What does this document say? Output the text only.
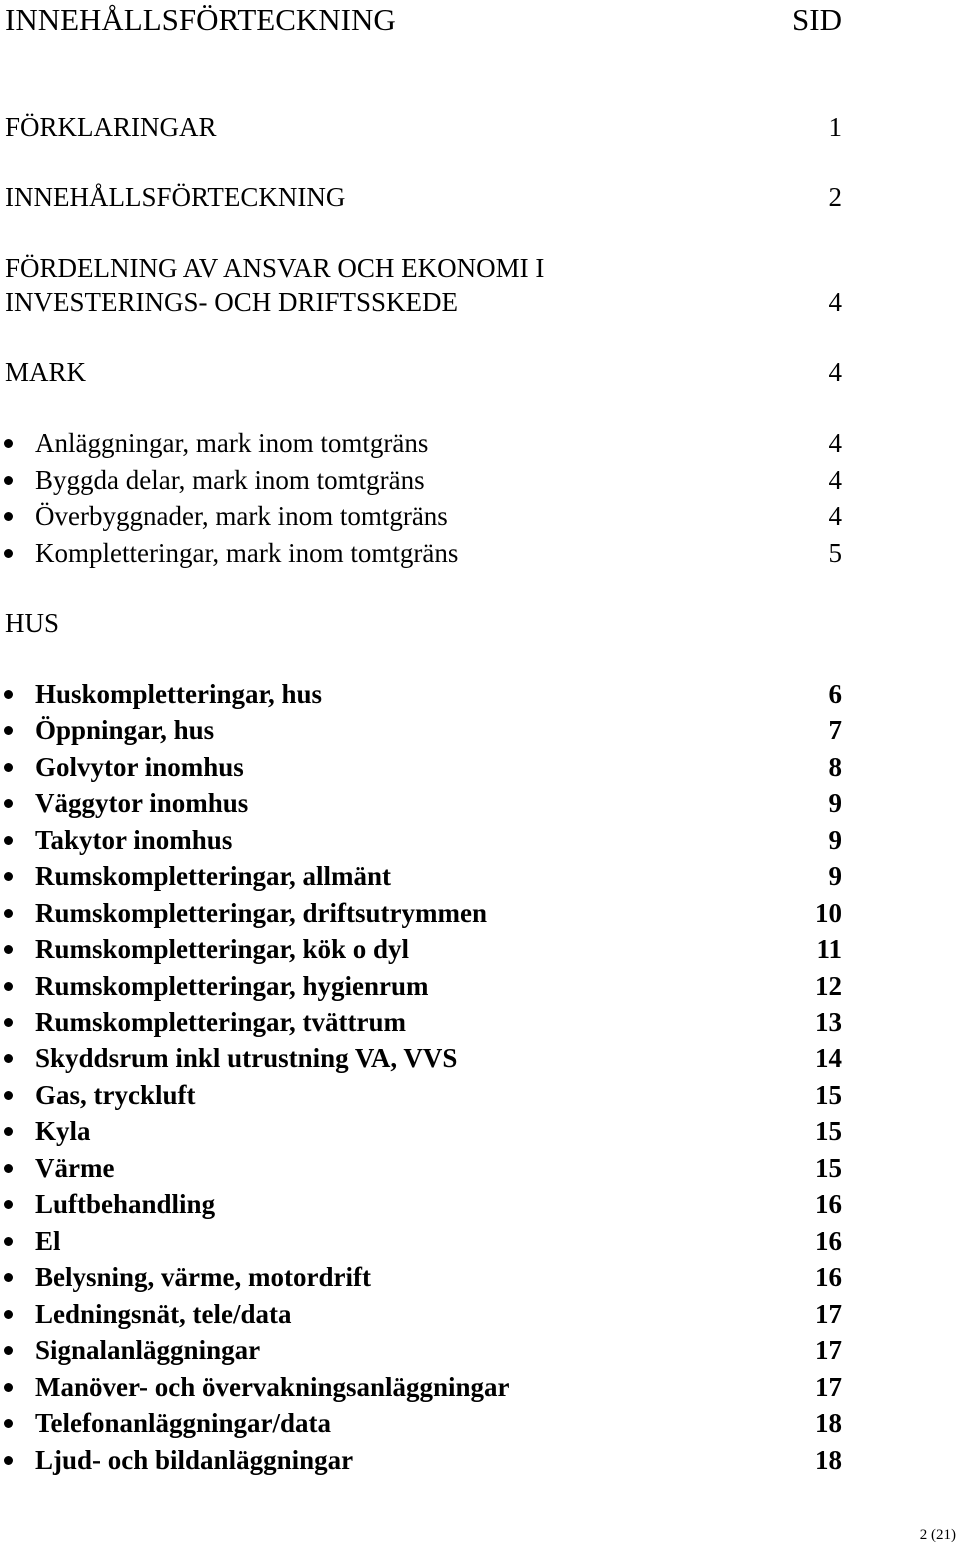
INNEHÅLLSFÖRTECKNING	SID
FÖRKLARINGAR	1
INNEHÅLLSFÖRTECKNING	2
FÖRDELNING AV ANSVAR OCH EKONOMI I
INVESTERINGS- OCH DRIFTSSKEDE	4
MARK	4
Anläggningar, mark inom tomtgräns	4
Byggda delar, mark inom tomtgräns	4
Överbyggnader, mark inom tomtgräns	4
Kompletteringar, mark inom tomtgräns	5
HUS
Huskompletteringar, hus	6
Öppningar, hus	7
Golvytor inomhus	8
Väggytor inomhus	9
Takytor inomhus	9
Rumskompletteringar, allmänt	9
Rumskompletteringar, driftsutrymmen	10
Rumskompletteringar, kök o dyl	11
Rumskompletteringar, hygienrum	12
Rumskompletteringar, tvättrum	13
Skyddsrum inkl utrustning VA, VVS	14
Gas, tryckluft	15
Kyla	15
Värme	15
Luftbehandling	16
El	16
Belysning, värme, motordrift	16
Ledningsnät, tele/data	17
Signalanläggningar	17
Manöver- och övervakningsanläggningar	17
Telefonanläggningar/data	18
Ljud- och bildanläggningar	18
2 (21)
